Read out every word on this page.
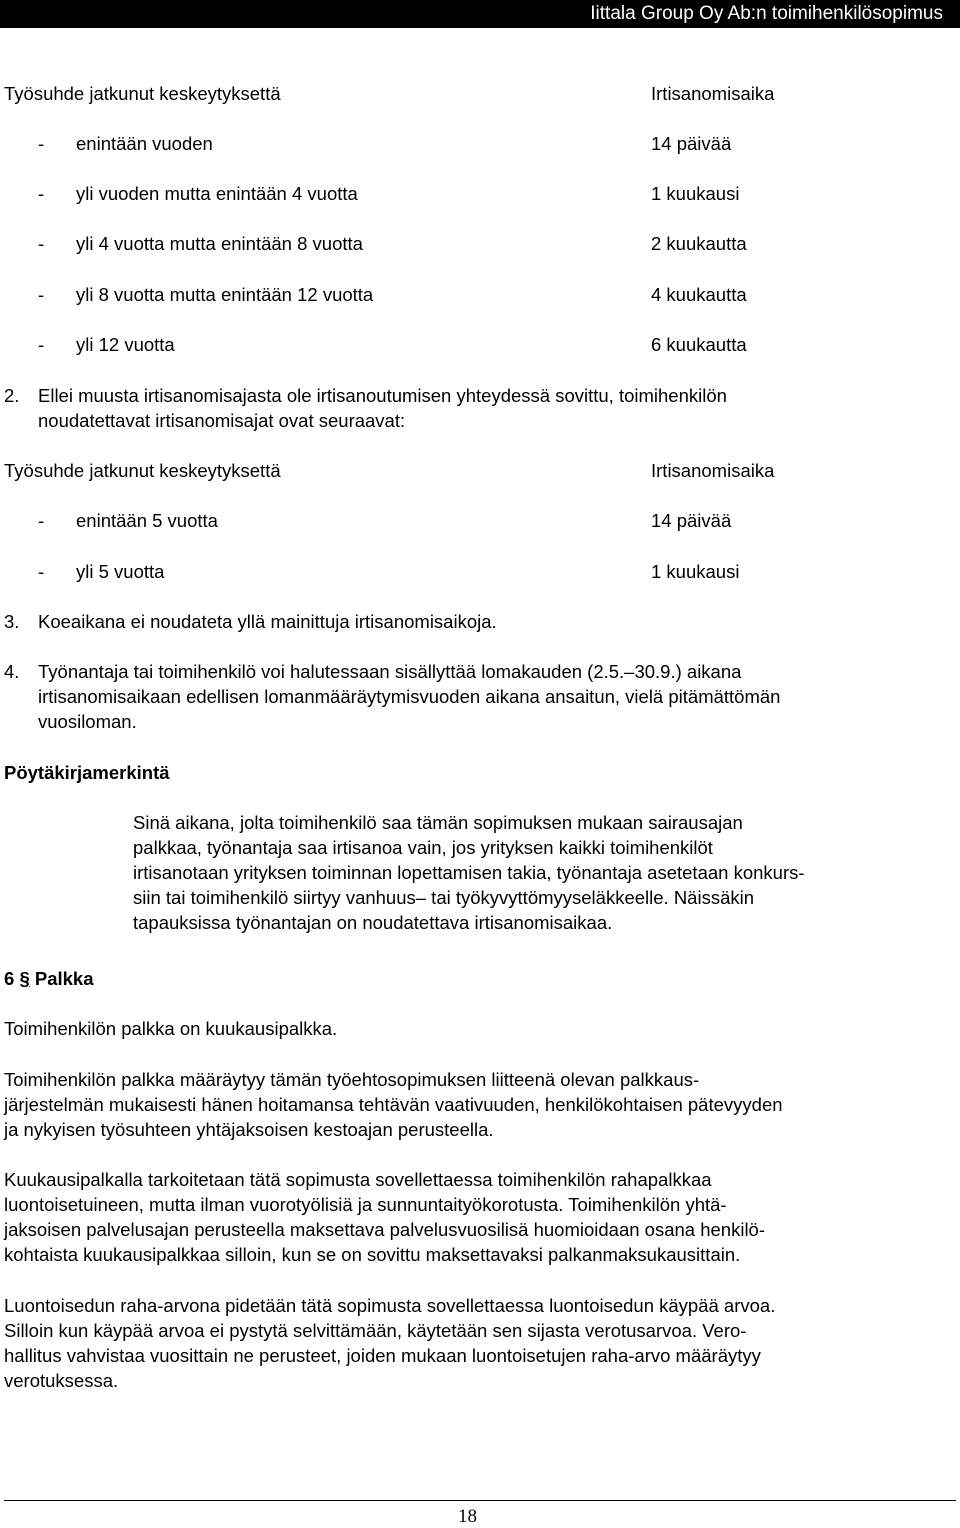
Iittala Group Oy Ab:n toimihenkilösopimus
Työsuhde jatkunut keskeytyksettä	Irtisanomisaika
- enintään vuoden	14 päivää
- yli vuoden mutta enintään 4 vuotta	1 kuukausi
- yli 4 vuotta mutta enintään 8 vuotta	2 kuukautta
- yli 8 vuotta mutta enintään 12 vuotta	4 kuukautta
- yli 12 vuotta	6 kuukautta
2. Ellei muusta irtisanomisajasta ole irtisanoutumisen yhteydessä sovittu, toimihenkilön
noudatettavat irtisanomisajat ovat seuraavat:
Työsuhde jatkunut keskeytyksettä	Irtisanomisaika
- enintään 5 vuotta	14 päivää
- yli 5 vuotta	1 kuukausi
3. Koeaikana ei noudateta yllä mainittuja irtisanomisaikoja.
4. Työnantaja tai toimihenkilö voi halutessaan sisällyttää lomakauden (2.5.–30.9.) aikana
irtisanomisaikaan edellisen lomanmääräytymisvuoden aikana ansaitun, vielä pitämättömän
vuosiloman.
Pöytäkirjamerkintä
Sinä aikana, jolta toimihenkilö saa tämän sopimuksen mukaan sairausajan
palkkaa, työnantaja saa irtisanoa vain, jos yrityksen kaikki toimihenkilöt
irtisanotaan yrityksen toiminnan lopettamisen takia, työnantaja asetetaan konkurs-
siin tai toimihenkilö siirtyy vanhuus– tai työkyvyttömyyseläkkeelle. Näissäkin
tapauksissa työnantajan on noudatettava irtisanomisaikaa.
6 § Palkka
Toimihenkilön palkka on kuukausipalkka.
Toimihenkilön palkka määräytyy tämän työehtosopimuksen liitteenä olevan palkkaus-
järjestelmän mukaisesti hänen hoitamansa tehtävän vaativuuden, henkilökohtaisen pätevyyden
ja nykyisen työsuhteen yhtäjaksoisen kestoajan perusteella.
Kuukausipalkalla tarkoitetaan tätä sopimusta sovellettaessa toimihenkilön rahapalkkaa
luontoisetuineen, mutta ilman vuorotyölisiä ja sunnuntaityökorotusta. Toimihenkilön yhtä-
jaksoisen palvelusajan perusteella maksettava palvelusvuosilisä huomioidaan osana henkilö-
kohtaista kuukausipalkkaa silloin, kun se on sovittu maksettavaksi palkanmaksukausittain.
Luontoisedun raha-arvona pidetään tätä sopimusta sovellettaessa luontoisedun käypää arvoa.
Silloin kun käypää arvoa ei pystytä selvittämään, käytetään sen sijasta verotusarvoa. Vero-
hallitus vahvistaa vuosittain ne perusteet, joiden mukaan luontoisetujen raha-arvo määräytyy
verotuksessa.
18
